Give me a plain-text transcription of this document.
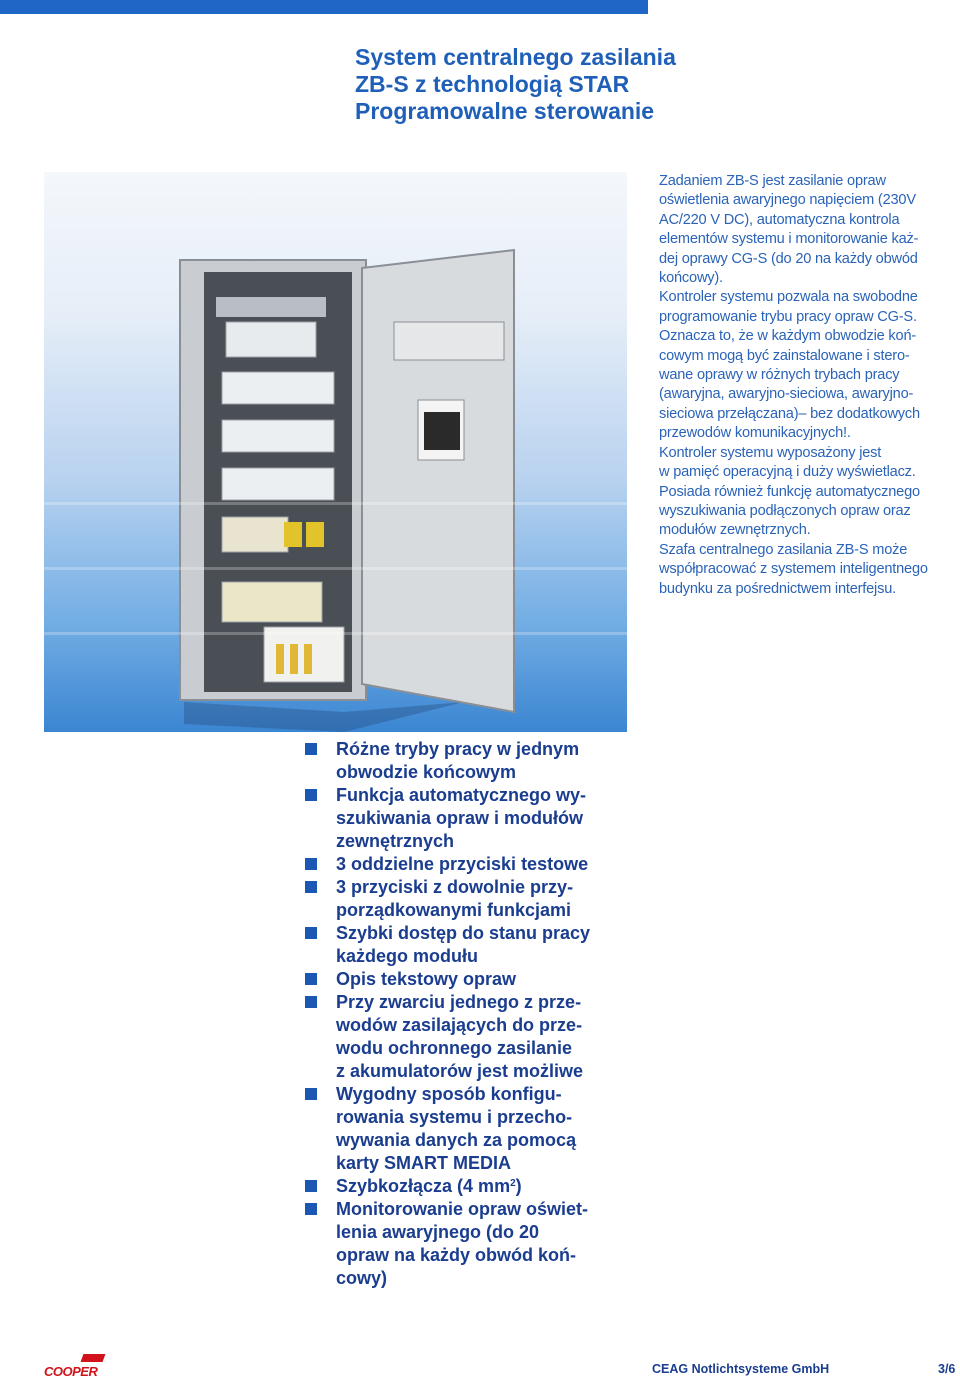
System centralnego zasilania
ZB-S z technologią STAR
Programowalne sterowanie

Zadaniem ZB-S jest zasilanie opraw

oświetlenia awaryjnego napięciem (230V

AC/220 V DC), automatyczna kontrola

elementów systemu i monitorowanie każ-

dej oprawy CG-S (do 20 na każdy obwód

końcowy).

Kontroler systemu pozwala na swobodne

programowanie trybu pracy opraw CG-S.

Oznacza to, że w każdym obwodzie koń-

cowym mogą być zainstalowane i stero-

wane oprawy w różnych trybach pracy

(awaryjna, awaryjno-sieciowa, awaryjno-

sieciowa przełączana)– bez dodatkowych

przewodów komunikacyjnych!.

Kontroler systemu wyposażony jest

w pamięć operacyjną i duży wyświetlacz.

Posiada również funkcję automatycznego

wyszukiwania podłączonych opraw oraz

modułów zewnętrznych.

Szafa centralnego zasilania ZB-S może

współpracować z systemem inteligentnego

budynku za pośrednictwem interfejsu.

Różne tryby pracy w jednym
obwodzie końcowym
Funkcja automatycznego wy-
szukiwania opraw i modułów
zewnętrznych
3 oddzielne przyciski testowe
3 przyciski z dowolnie przy-
porządkowanymi funkcjami
Szybki dostęp do stanu pracy
każdego modułu
Opis tekstowy opraw
Przy zwarciu jednego z prze-
wodów zasilających do prze-
wodu ochronnego zasilanie
z akumulatorów jest możliwe
Wygodny sposób konfigu-
rowania systemu i przecho-
wywania danych za pomocą
karty SMART MEDIA
Szybkozłącza (4 $mm^2$)
Monitorowanie opraw oświet-
lenia awaryjnego (do 20
opraw na każdy obwód koń-
cowy)
COOPER	CEAG Notlichtsysteme GmbH	3/6
